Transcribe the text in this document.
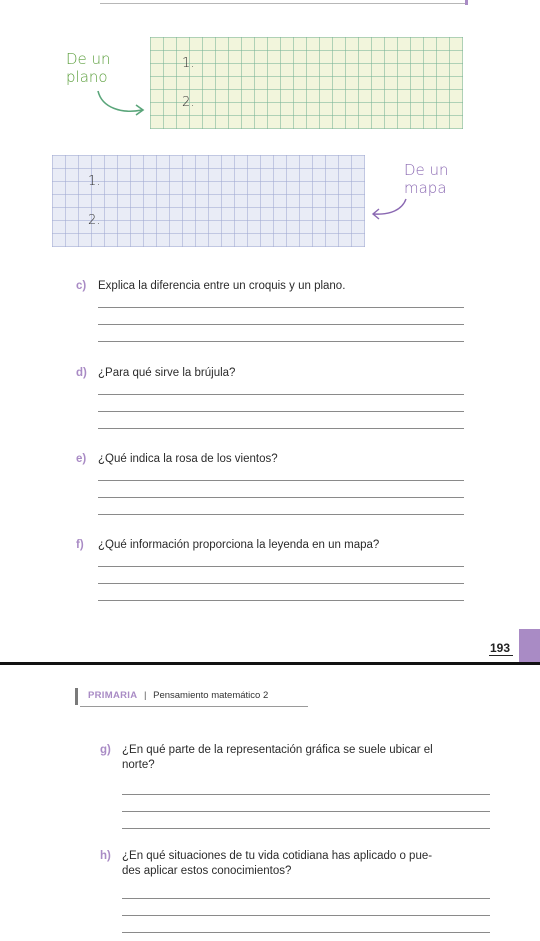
De un
plano
1.
2.
1.
2.
De un
mapa
c) Explica la diferencia entre un croquis y un plano.
d) ¿Para qué sirve la brújula?
e) ¿Qué indica la rosa de los vientos?
f) ¿Qué información proporciona la leyenda en un mapa?
193
PRIMARIA | Pensamiento matemático 2
g) ¿En qué parte de la representación gráfica se suele ubicar el
norte?
h) ¿En qué situaciones de tu vida cotidiana has aplicado o pue-
des aplicar estos conocimientos?
